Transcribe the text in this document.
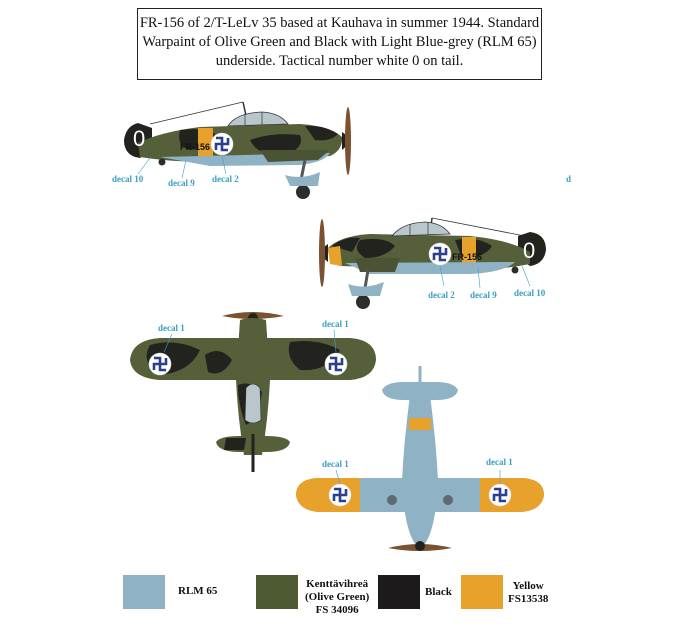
FR-156 of 2/T-LeLv 35 based at Kauhava in summer 1944. Standard
Warpaint of Olive Green and Black with Light Blue-grey (RLM 65)
underside. Tactical number white 0 on tail.
0	FR-156
decal 10	decal 9 decal 2	d
0
FR-156
decal 2 decal 9 decal 10
decal 1	decal 1
decal 1	decal 1
RLM 65
Kenttävihreä
(Olive Green)
FS 34096
Black	Yellow
FS13538
